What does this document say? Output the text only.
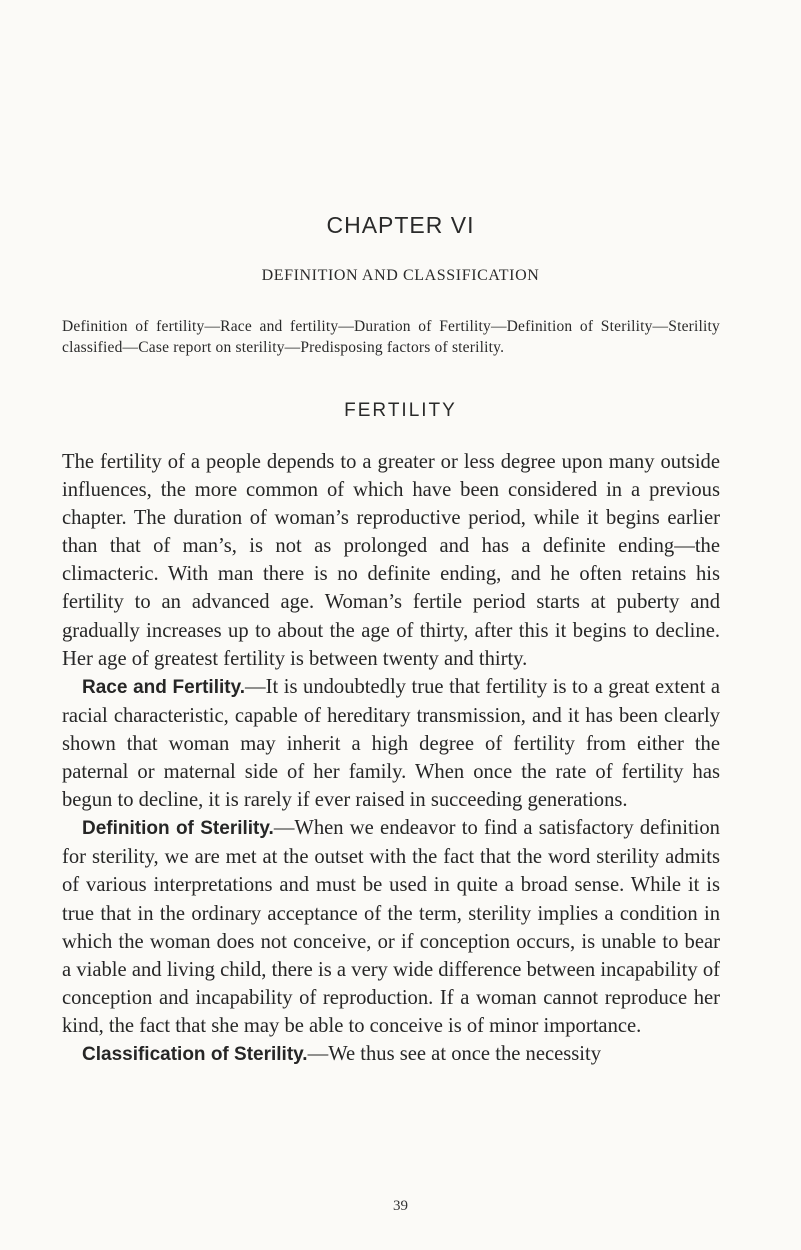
CHAPTER VI
DEFINITION AND CLASSIFICATION
Definition of fertility—Race and fertility—Duration of Fertility—Definition of Sterility—Sterility classified—Case report on sterility—Predisposing factors of sterility.
FERTILITY

The fertility of a people depends to a greater or less degree upon many outside influences, the more common of which have been considered in a previous chapter. The duration of woman’s reproductive period, while it begins earlier than that of man’s, is not as prolonged and has a definite ending—the climacteric. With man there is no definite ending, and he often retains his fertility to an advanced age. Woman’s fertile period starts at puberty and gradually increases up to about the age of thirty, after this it begins to decline. Her age of greatest fertility is between twenty and thirty.

Race and Fertility.—It is undoubtedly true that fertility is to a great extent a racial characteristic, capable of hereditary transmission, and it has been clearly shown that woman may inherit a high degree of fertility from either the paternal or maternal side of her family. When once the rate of fertility has begun to decline, it is rarely if ever raised in succeeding generations.

Definition of Sterility.—When we endeavor to find a satisfactory definition for sterility, we are met at the outset with the fact that the word sterility admits of various interpretations and must be used in quite a broad sense. While it is true that in the ordinary acceptance of the term, sterility implies a condition in which the woman does not conceive, or if conception occurs, is unable to bear a viable and living child, there is a very wide difference between incapability of conception and incapability of reproduction. If a woman cannot reproduce her kind, the fact that she may be able to conceive is of minor importance.

Classification of Sterility.—We thus see at once the necessity

39
